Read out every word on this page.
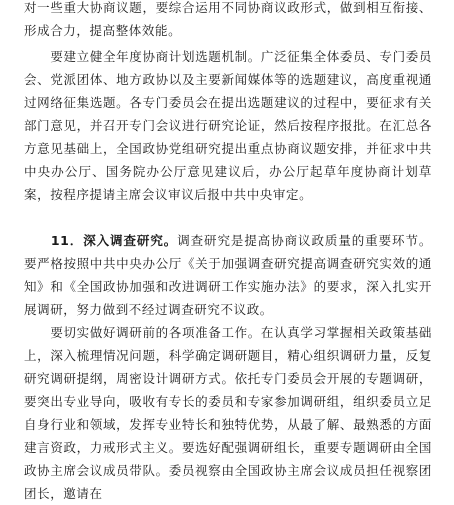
对一些重大协商议题，要综合运用不同协商议政形式，做到相互衔接、形成合力，提高整体效能。

　　要建立健全年度协商计划选题机制。广泛征集全体委员、专门委员会、党派团体、地方政协以及主要新闻媒体等的选题建议，高度重视通过网络征集选题。各专门委员会在提出选题建议的过程中，要征求有关部门意见，并召开专门会议进行研究论证，然后按程序报批。在汇总各方意见基础上，全国政协党组研究提出重点协商议题安排，并征求中共中央办公厅、国务院办公厅意见建议后，办公厅起草年度协商计划草案，按程序提请主席会议审议后报中共中央审定。

　　11．深入调查研究。调查研究是提高协商议政质量的重要环节。要严格按照中共中央办公厅《关于加强调查研究提高调查研究实效的通知》和《全国政协加强和改进调研工作实施办法》的要求，深入扎实开展调研，努力做到不经过调查研究不议政。

　　要切实做好调研前的各项准备工作。在认真学习掌握相关政策基础上，深入梳理情况问题，科学确定调研题目，精心组织调研力量，反复研究调研提纲，周密设计调研方式。依托专门委员会开展的专题调研，要突出专业导向，吸收有专长的委员和专家参加调研组，组织委员立足自身行业和领域，发挥专业特长和独特优势，从最了解、最熟悉的方面建言资政，力戒形式主义。要选好配强调研组长，重要专题调研由全国政协主席会议成员带队。委员视察由全国政协主席会议成员担任视察团团长，邀请在
